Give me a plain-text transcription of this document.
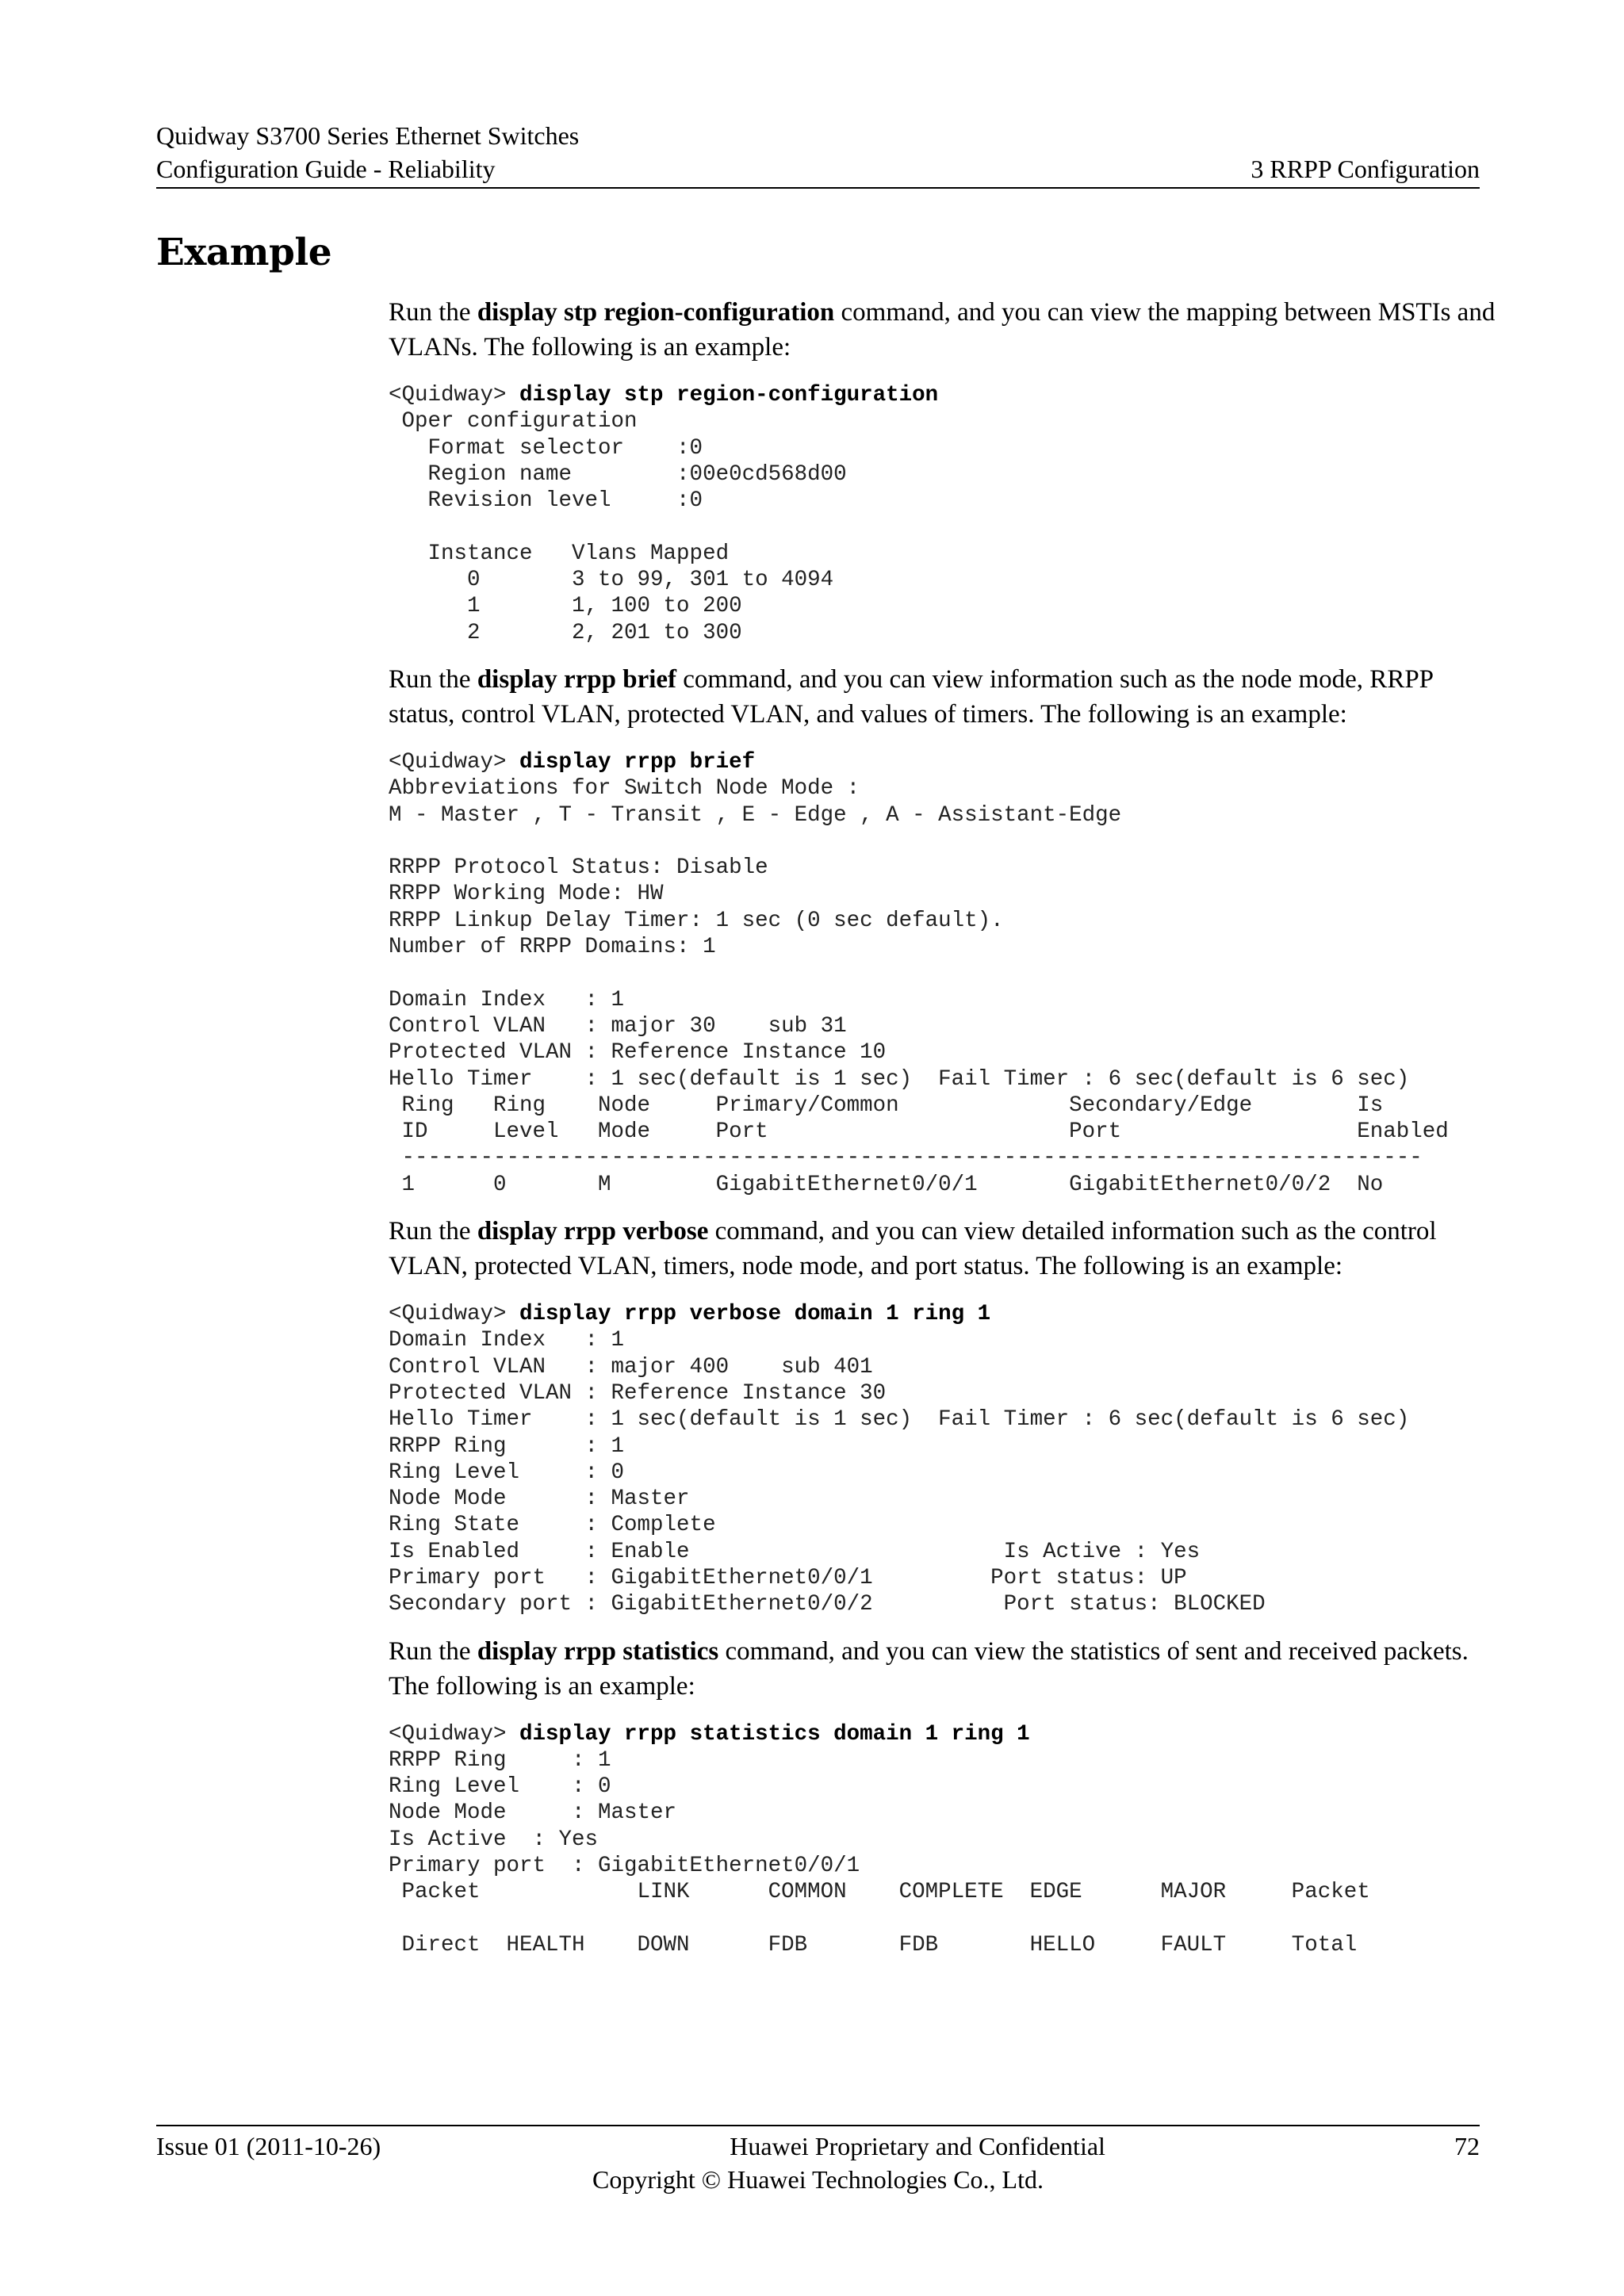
Quidway S3700 Series Ethernet Switches
Configuration Guide - Reliability	3 RRPP Configuration
Example

Run the display stp region-configuration command, and you can view the mapping between MSTIs and VLANs. The following is an example:

<Quidway> display stp region-configuration
Oper configuration
Format selector    :0
Region name        :00e0cd568d00
Revision level     :0

Instance   Vlans Mapped
0       3 to 99, 301 to 4094
1       1, 100 to 200
2       2, 201 to 300

Run the display rrpp brief command, and you can view information such as the node mode, RRPP status, control VLAN, protected VLAN, and values of timers. The following is an example:

<Quidway> display rrpp brief
Abbreviations for Switch Node Mode :
M - Master , T - Transit , E - Edge , A - Assistant-Edge

RRPP Protocol Status: Disable
RRPP Working Mode: HW
RRPP Linkup Delay Timer: 1 sec (0 sec default).
Number of RRPP Domains: 1

Domain Index   : 1
Control VLAN   : major 30    sub 31
Protected VLAN : Reference Instance 10
Hello Timer    : 1 sec(default is 1 sec)  Fail Timer : 6 sec(default is 6 sec)
Ring   Ring    Node     Primary/Common             Secondary/Edge        Is
ID     Level   Mode     Port                       Port                  Enabled
------------------------------------------------------------------------------
1      0       M        GigabitEthernet0/0/1       GigabitEthernet0/0/2  No

Run the display rrpp verbose command, and you can view detailed information such as the control VLAN, protected VLAN, timers, node mode, and port status. The following is an example:

<Quidway> display rrpp verbose domain 1 ring 1
Domain Index   : 1
Control VLAN   : major 400    sub 401
Protected VLAN : Reference Instance 30
Hello Timer    : 1 sec(default is 1 sec)  Fail Timer : 6 sec(default is 6 sec)
RRPP Ring      : 1
Ring Level     : 0
Node Mode      : Master
Ring State     : Complete
Is Enabled     : Enable                        Is Active : Yes
Primary port   : GigabitEthernet0/0/1         Port status: UP
Secondary port : GigabitEthernet0/0/2          Port status: BLOCKED

Run the display rrpp statistics command, and you can view the statistics of sent and received packets. The following is an example:

<Quidway> display rrpp statistics domain 1 ring 1
RRPP Ring     : 1
Ring Level    : 0
Node Mode     : Master
Is Active  : Yes
Primary port  : GigabitEthernet0/0/1
Packet            LINK      COMMON    COMPLETE  EDGE      MAJOR     Packet

Direct  HEALTH    DOWN      FDB       FDB       HELLO     FAULT     Total
Issue 01 (2011-10-26)	Huawei Proprietary and Confidential	72
Copyright © Huawei Technologies Co., Ltd.
